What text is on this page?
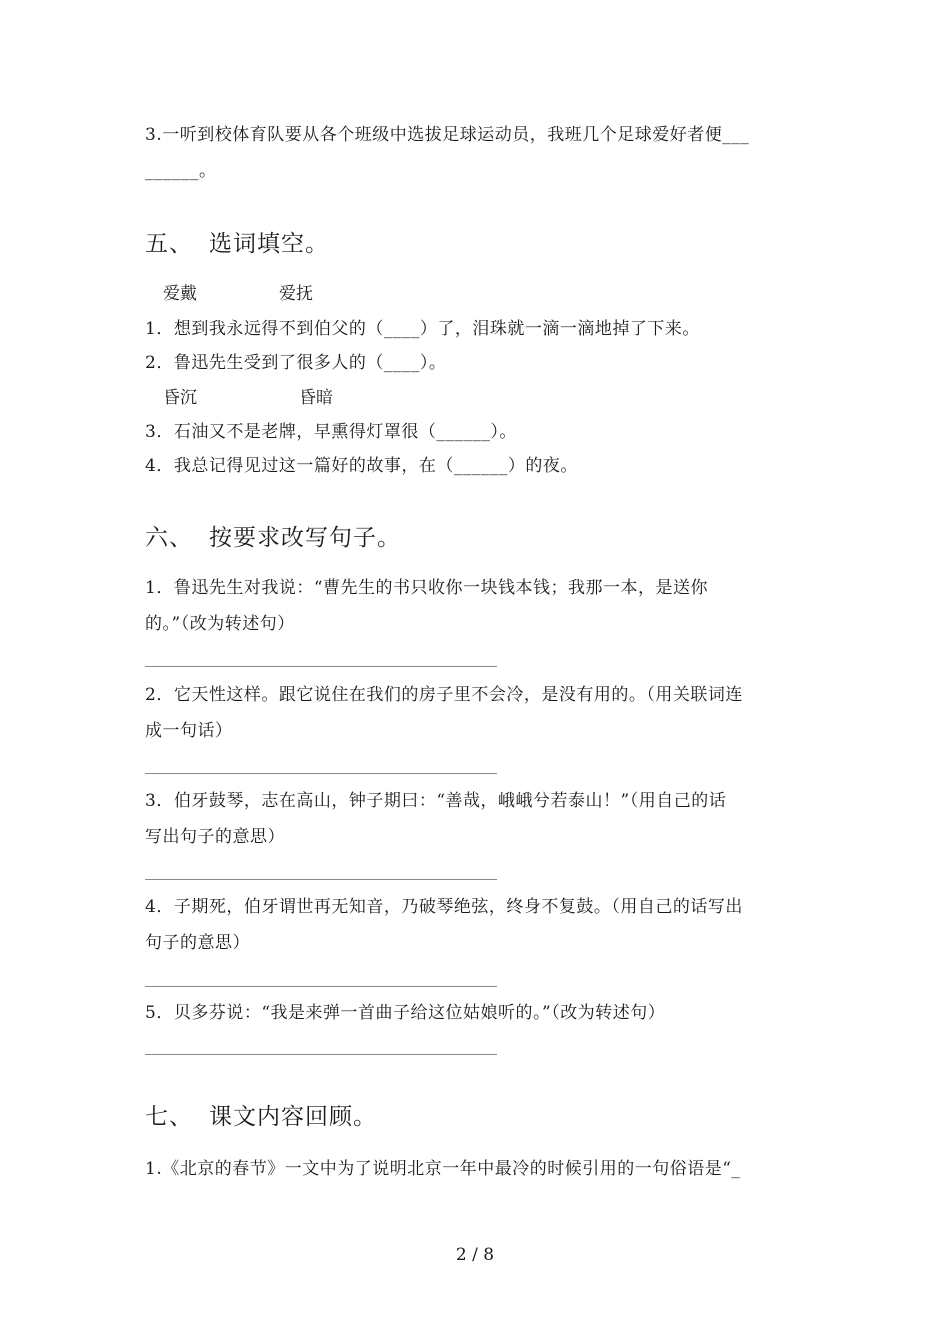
3.一听到校体育队要从各个班级中选拔足球运动员，我班几个足球爱好者便___
______。
五、 选词填空。
爱戴	爱抚
1．想到我永远得不到伯父的（____）了，泪珠就一滴一滴地掉了下来。
2．鲁迅先生受到了很多人的（____）。
昏沉	昏暗
3．石油又不是老牌，早熏得灯罩很（______）。
4．我总记得见过这一篇好的故事，在（______）的夜。
六、 按要求改写句子。
1．鲁迅先生对我说：“曹先生的书只收你一块钱本钱；我那一本，是送你
的。”（改为转述句）
2．它天性这样。跟它说住在我们的房子里不会冷，是没有用的。（用关联词连
成一句话）
3．伯牙鼓琴，志在高山，钟子期曰：“善哉，峨峨兮若泰山！”（用自己的话
写出句子的意思）
4．子期死，伯牙谓世再无知音，乃破琴绝弦，终身不复鼓。（用自己的话写出
句子的意思）
5．贝多芬说：“我是来弹一首曲子给这位姑娘听的。”（改为转述句）
七、 课文内容回顾。
1.《北京的春节》一文中为了说明北京一年中最冷的时候引用的一句俗语是“_
2 / 8
